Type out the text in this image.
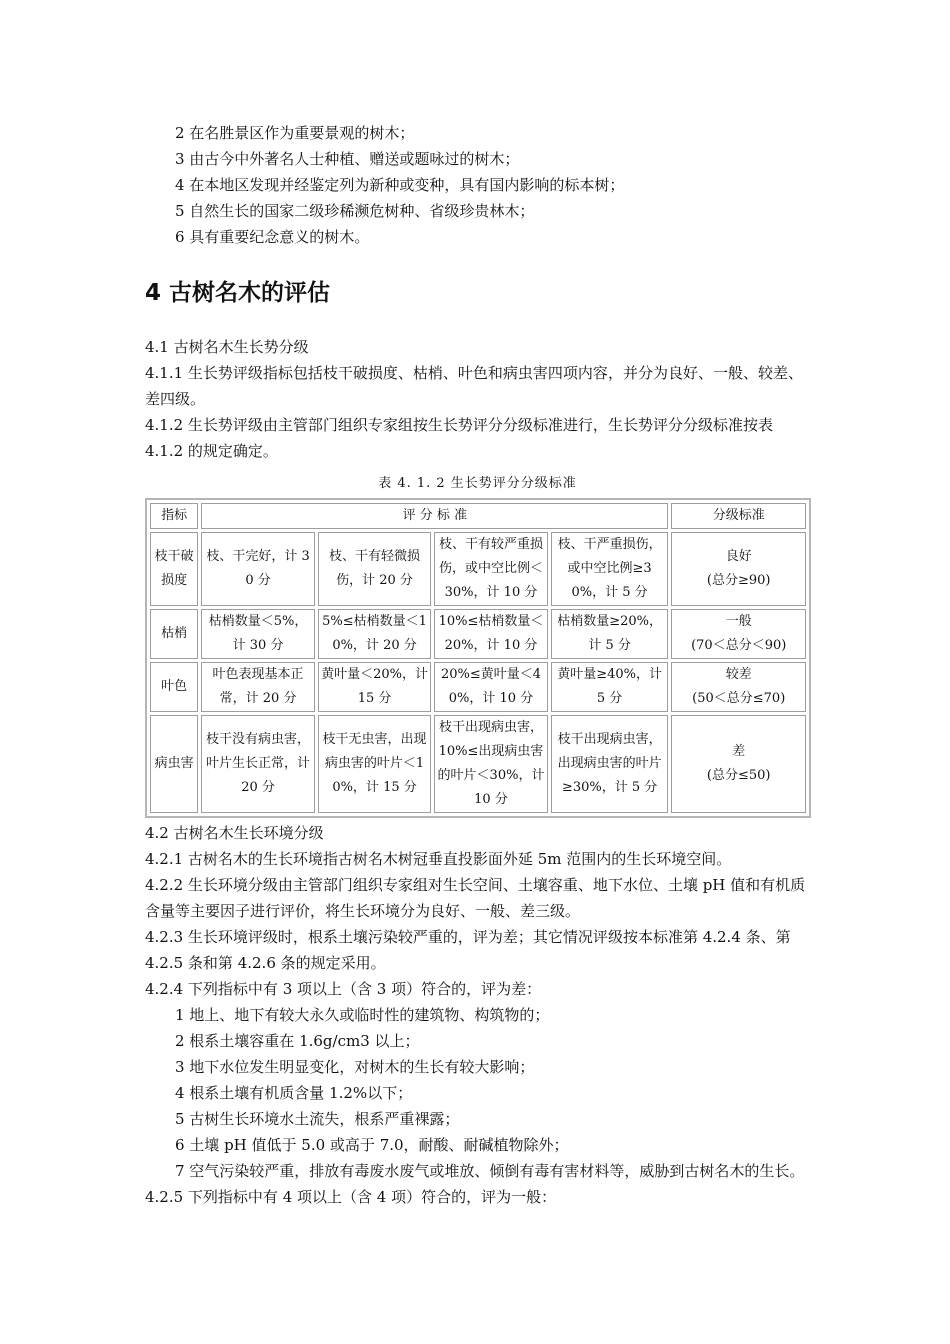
2 在名胜景区作为重要景观的树木；

3 由古今中外著名人士种植、赠送或题咏过的树木；

4 在本地区发现并经鉴定列为新种或变种，具有国内影响的标本树；

5 自然生长的国家二级珍稀濒危树种、省级珍贵林木；

6 具有重要纪念意义的树木。

4 古树名木的评估

4.1 古树名木生长势分级

4.1.1 生长势评级指标包括枝干破损度、枯梢、叶色和病虫害四项内容，并分为良好、一般、较差、差四级。

4.1.2 生长势评级由主管部门组织专家组按生长势评分分级标准进行，生长势评分分级标准按表 4.1.2 的规定确定。

表 4. 1. 2 生长势评分分级标准
指标	评 分 标 准				分级标准
枝干破损度	枝、干完好，计 30 分	枝、干有轻微损伤，计 20 分	枝、干有较严重损伤，或中空比例＜30%，计 10 分	枝、干严重损伤，或中空比例≥30%，计 5 分	良好
(总分≥90)

枯梢	枯梢数量＜5%，计 30 分	5%≤枯梢数量＜10%，计 20 分	10%≤枯梢数量＜20%，计 10 分	枯梢数量≥20%，计 5 分	一般
(70＜总分＜90)

叶色	叶色表现基本正常，计 20 分	黄叶量＜20%，计 15 分	20%≤黄叶量＜40%，计 10 分	黄叶量≥40%，计 5 分	较差
(50＜总分≤70)

病虫害	枝干没有病虫害，叶片生长正常，计 20 分	枝干无虫害，出现病虫害的叶片＜10%，计 15 分	枝干出现病虫害，10%≤出现病虫害的叶片＜30%，计 10 分	枝干出现病虫害，出现病虫害的叶片≥30%，计 5 分	差
(总分≤50)

4.2 古树名木生长环境分级

4.2.1 古树名木的生长环境指古树名木树冠垂直投影面外延 5m 范围内的生长环境空间。

4.2.2 生长环境分级由主管部门组织专家组对生长空间、土壤容重、地下水位、土壤 pH 值和有机质含量等主要因子进行评价，将生长环境分为良好、一般、差三级。

4.2.3 生长环境评级时，根系土壤污染较严重的，评为差；其它情况评级按本标准第 4.2.4 条、第 4.2.5 条和第 4.2.6 条的规定采用。

4.2.4 下列指标中有 3 项以上（含 3 项）符合的，评为差：

1 地上、地下有较大永久或临时性的建筑物、构筑物的；

2 根系土壤容重在 1.6g/cm3 以上；

3 地下水位发生明显变化，对树木的生长有较大影响；

4 根系土壤有机质含量 1.2%以下；

5 古树生长环境水土流失，根系严重裸露；

6 土壤 pH 值低于 5.0 或高于 7.0，耐酸、耐碱植物除外；

7 空气污染较严重，排放有毒废水废气或堆放、倾倒有毒有害材料等，威胁到古树名木的生长。

4.2.5 下列指标中有 4 项以上（含 4 项）符合的，评为一般：
